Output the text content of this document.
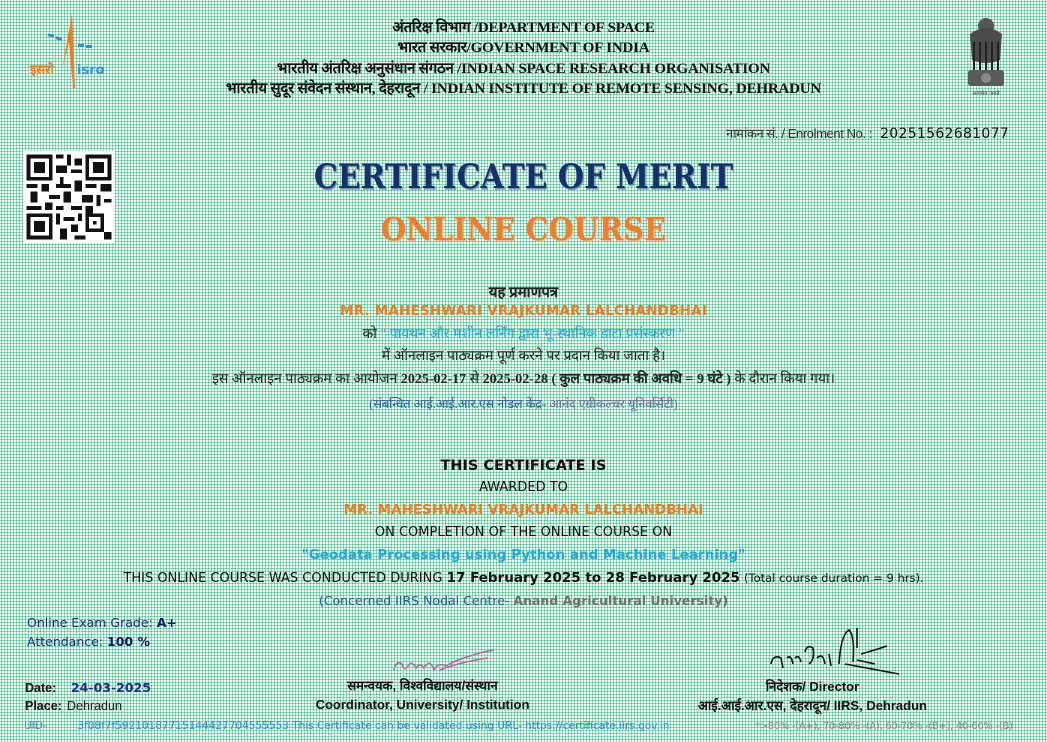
इसरो isro
सत्यमेव जयते
अंतरिक्ष विभाग /DEPARTMENT OF SPACE
भारत सरकार/GOVERNMENT OF INDIA
भारतीय अंतरिक्ष अनुसंधान संगठन /INDIAN SPACE RESEARCH ORGANISATION
भारतीय सुदूर संवेदन संस्थान, देहरादून / INDIAN INSTITUTE OF REMOTE SENSING, DEHRADUN
नामांकन सं. / Enrolment No. : 20251562681077
CERTIFICATE OF MERIT
ONLINE COURSE
यह प्रमाणपत्र
MR. MAHESHWARI VRAJKUMAR LALCHANDBHAI
को " पायथन और मशीन लर्निंग द्वारा भू-स्थानिक डाटा प्रसंस्करण "
में ऑनलाइन पाठ्यक्रम पूर्ण करने पर प्रदान किया जाता है।
इस ऑनलाइन पाठ्यक्रम का आयोजन 2025-02-17 से 2025-02-28 ( कुल पाठ्यक्रम की अवधि = 9 घंटे ) के दौरान किया गया।
(संबन्धित आई.आई.आर.एस नोडल केंद्र- आनंद एग्रीकल्चर यूनिवर्सिटी)
THIS CERTIFICATE IS
AWARDED TO
MR. MAHESHWARI VRAJKUMAR LALCHANDBHAI
ON COMPLETION OF THE ONLINE COURSE ON
"Geodata Processing using Python and Machine Learning"
THIS ONLINE COURSE WAS CONDUCTED DURING 17 February 2025 to 28 February 2025 (Total course duration = 9 hrs).
(Concerned IIRS Nodal Centre- Anand Agricultural University)
Online Exam Grade: A+
Attendance: 100 %
Date: 24-03-2025
Place: Dehradun
समन्वयक, विश्वविद्यालय/संस्थान
Coordinator, University/ Institution
निदेशक/ Director
आई.आई.आर.एस, देहरादून/ IIRS, Dehradun
UID-	3f08f7f59210187715144427704555553 This Certificate can be validated using URL- https://certificate.iirs.gov.in	*>80% -(A+), 70-80% -(A), 60-70% -(B+), 40-60% -(B)
